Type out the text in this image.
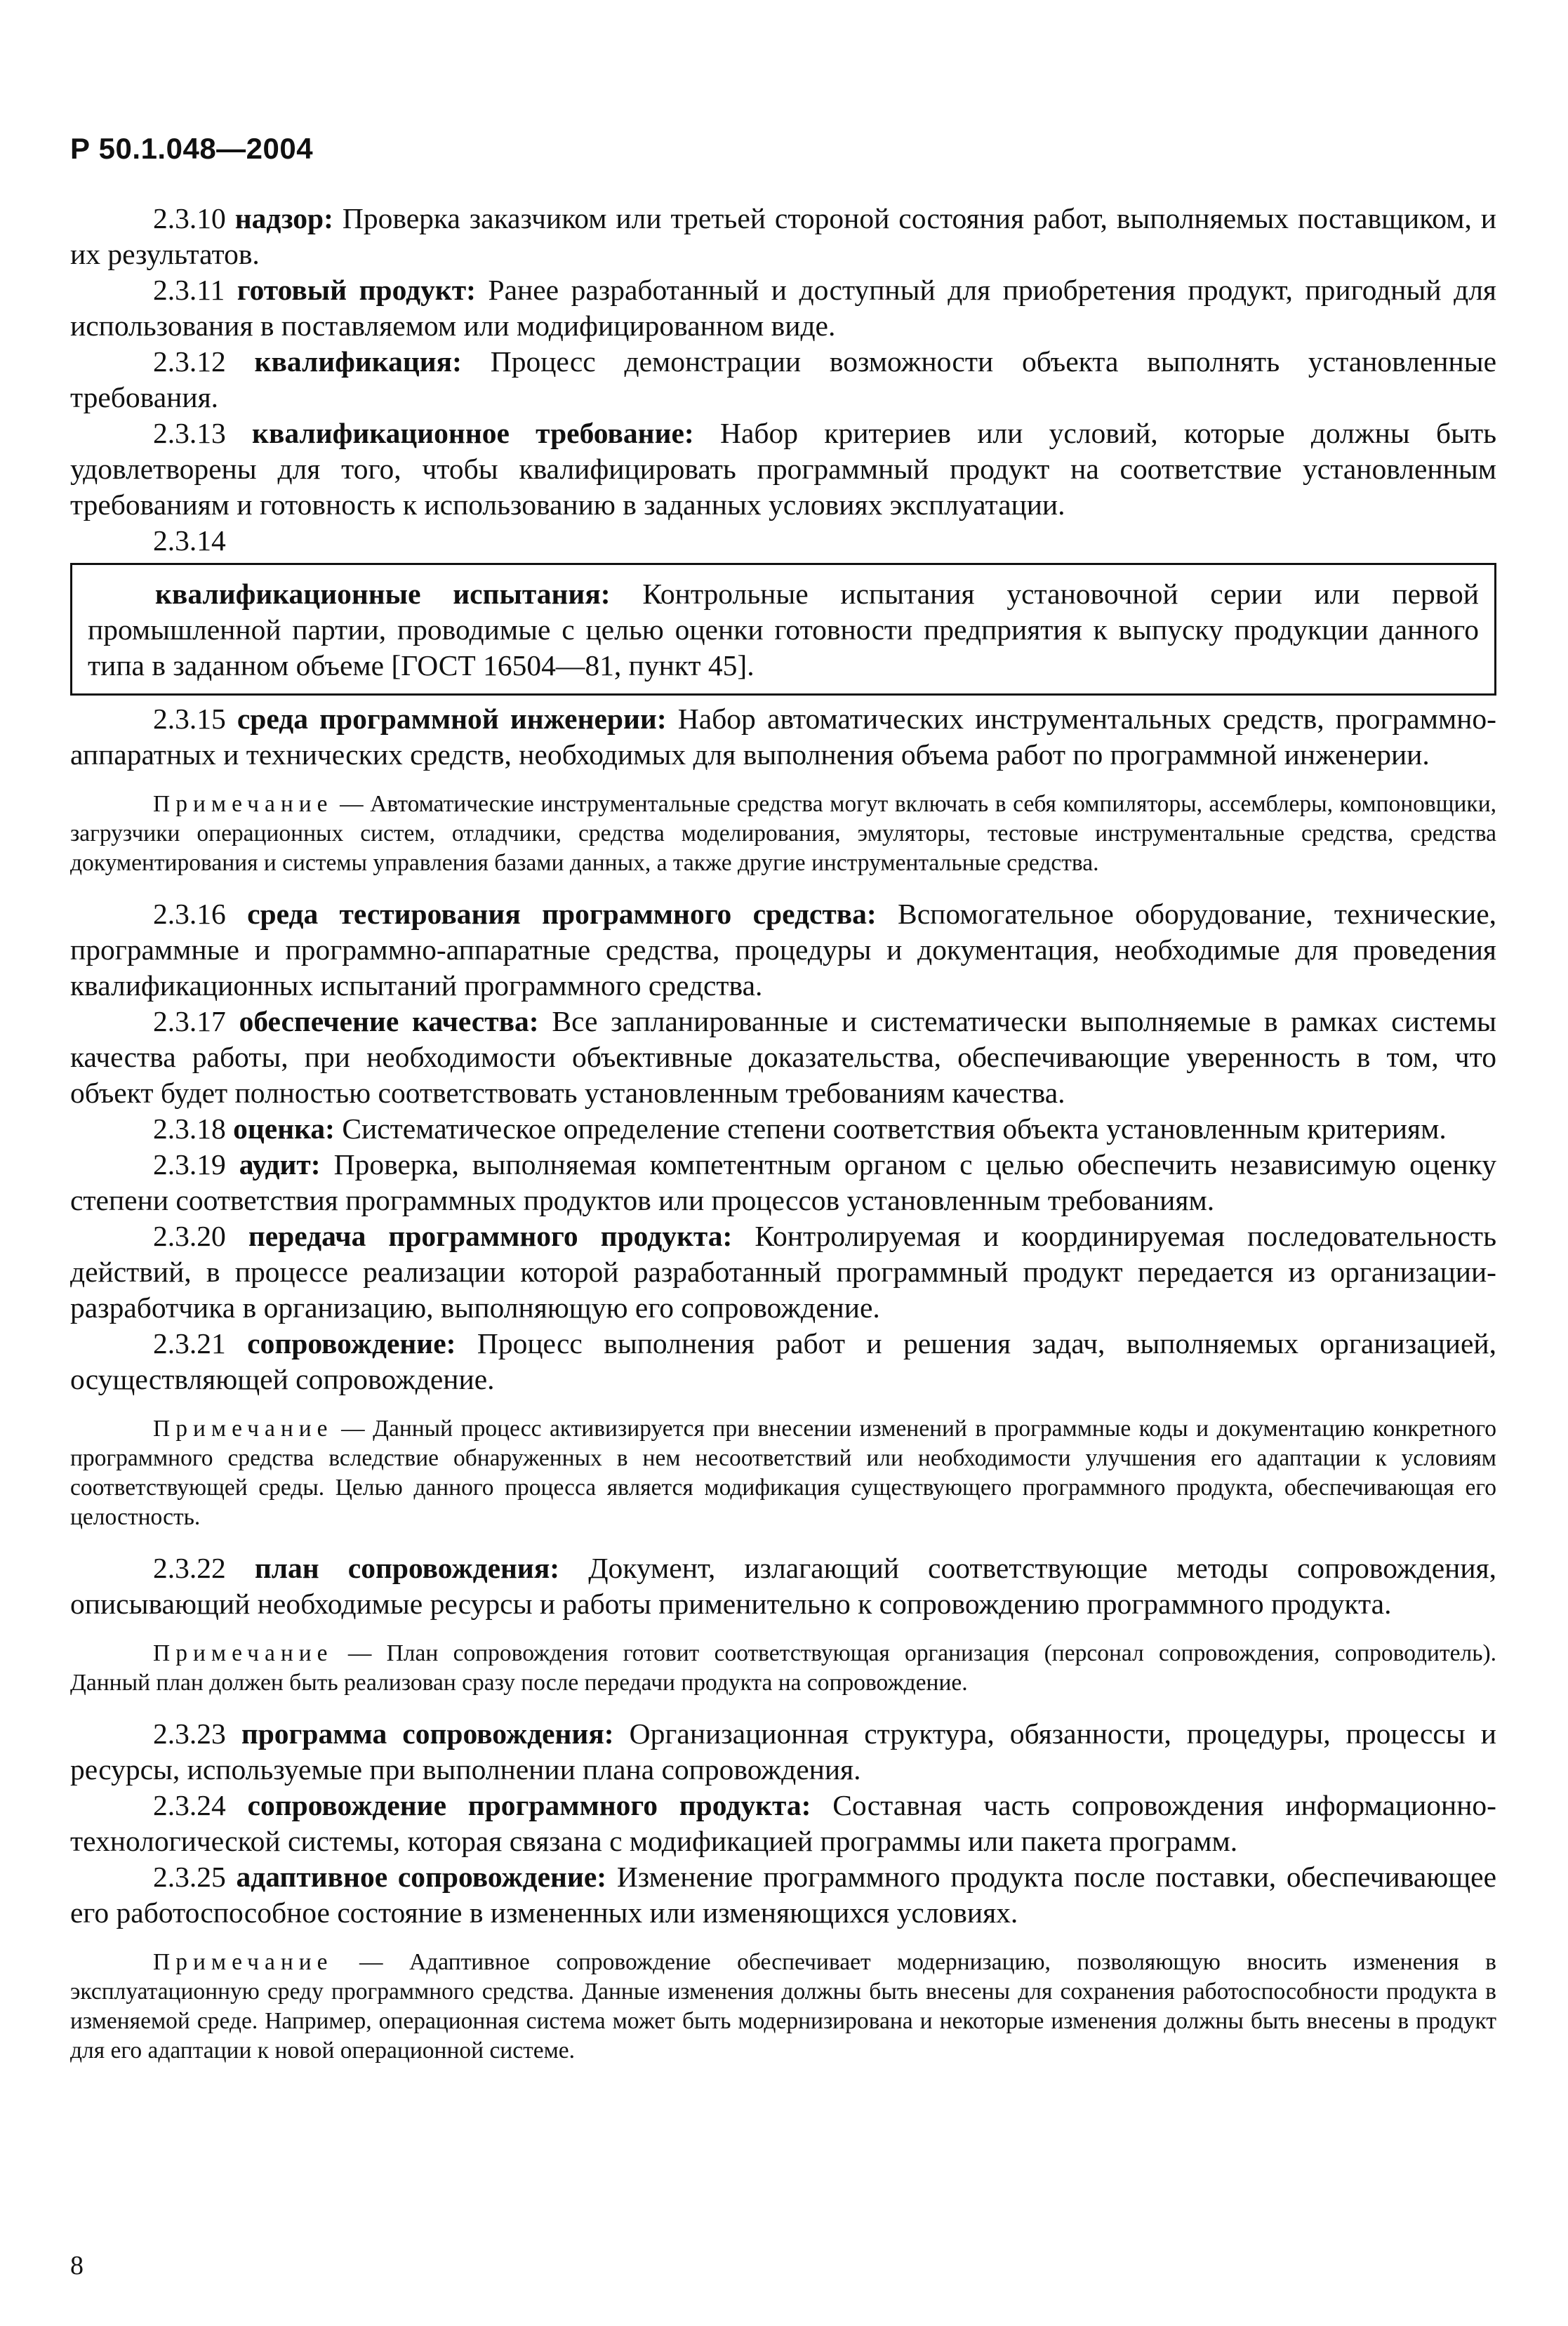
Р 50.1.048—2004

2.3.10 надзор: Проверка заказчиком или третьей стороной состояния работ, выполняемых поставщиком, и их результатов.

2.3.11 готовый продукт: Ранее разработанный и доступный для приобретения продукт, пригодный для использования в поставляемом или модифицированном виде.

2.3.12 квалификация: Процесс демонстрации возможности объекта выполнять установленные требования.

2.3.13 квалификационное требование: Набор критериев или условий, которые должны быть удовлетворены для того, чтобы квалифицировать программный продукт на соответствие установленным требованиям и готовность к использованию в заданных условиях эксплуатации.

2.3.14

квалификационные испытания: Контрольные испытания установочной серии или первой промышленной партии, проводимые с целью оценки готовности предприятия к выпуску продукции данного типа в заданном объеме [ГОСТ 16504—81, пункт 45].

2.3.15 среда программной инженерии: Набор автоматических инструментальных средств, программно-аппаратных и технических средств, необходимых для выполнения объема работ по программной инженерии.

Примечание — Автоматические инструментальные средства могут включать в себя компиляторы, ассемблеры, компоновщики, загрузчики операционных систем, отладчики, средства моделирования, эмуляторы, тестовые инструментальные средства, средства документирования и системы управления базами данных, а также другие инструментальные средства.

2.3.16 среда тестирования программного средства: Вспомогательное оборудование, технические, программные и программно-аппаратные средства, процедуры и документация, необходимые для проведения квалификационных испытаний программного средства.

2.3.17 обеспечение качества: Все запланированные и систематически выполняемые в рамках системы качества работы, при необходимости объективные доказательства, обеспечивающие уверенность в том, что объект будет полностью соответствовать установленным требованиям качества.

2.3.18 оценка: Систематическое определение степени соответствия объекта установленным критериям.

2.3.19 аудит: Проверка, выполняемая компетентным органом с целью обеспечить независимую оценку степени соответствия программных продуктов или процессов установленным требованиям.

2.3.20 передача программного продукта: Контролируемая и координируемая последовательность действий, в процессе реализации которой разработанный программный продукт передается из организации-разработчика в организацию, выполняющую его сопровождение.

2.3.21 сопровождение: Процесс выполнения работ и решения задач, выполняемых организацией, осуществляющей сопровождение.

Примечание — Данный процесс активизируется при внесении изменений в программные коды и документацию конкретного программного средства вследствие обнаруженных в нем несоответствий или необходимости улучшения его адаптации к условиям соответствующей среды. Целью данного процесса является модификация существующего программного продукта, обеспечивающая его целостность.

2.3.22 план сопровождения: Документ, излагающий соответствующие методы сопровождения, описывающий необходимые ресурсы и работы применительно к сопровождению программного продукта.

Примечание — План сопровождения готовит соответствующая организация (персонал сопровождения, сопроводитель). Данный план должен быть реализован сразу после передачи продукта на сопровождение.

2.3.23 программа сопровождения: Организационная структура, обязанности, процедуры, процессы и ресурсы, используемые при выполнении плана сопровождения.

2.3.24 сопровождение программного продукта: Составная часть сопровождения информационно-технологической системы, которая связана с модификацией программы или пакета программ.

2.3.25 адаптивное сопровождение: Изменение программного продукта после поставки, обеспечивающее его работоспособное состояние в измененных или изменяющихся условиях.

Примечание — Адаптивное сопровождение обеспечивает модернизацию, позволяющую вносить изменения в эксплуатационную среду программного средства. Данные изменения должны быть внесены для сохранения работоспособности продукта в изменяемой среде. Например, операционная система может быть модернизирована и некоторые изменения должны быть внесены в продукт для его адаптации к новой операционной системе.

8
